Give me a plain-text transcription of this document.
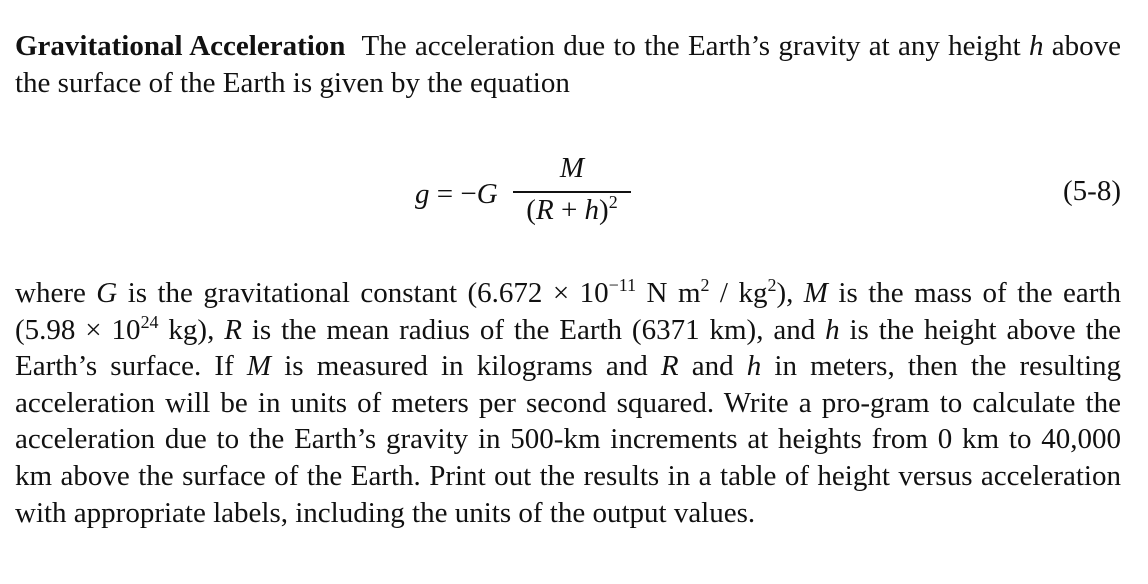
Gravitational Acceleration The acceleration due to the Earth’s gravity at any height h above the surface of the Earth is given by the equation

g = −G
M
$(R + h)^2$	(5-8)

where G is the gravitational constant ($6.672 \times 10^{-11}$ N $m^2 / kg^2$), M is the mass of the earth ($5.98 \times 10^{24}$ kg), R is the mean radius of the Earth (6371 km), and h is the height above the Earth’s surface. If M is measured in kilograms and R and h in meters, then the resulting acceleration will be in units of meters per second squared. Write a pro-​gram to calculate the acceleration due to the Earth’s gravity in 500-km increments at heights from 0 km to 40,000 km above the surface of the Earth. Print out the results in a table of height versus acceleration with appropriate labels, including the units of the output values.
